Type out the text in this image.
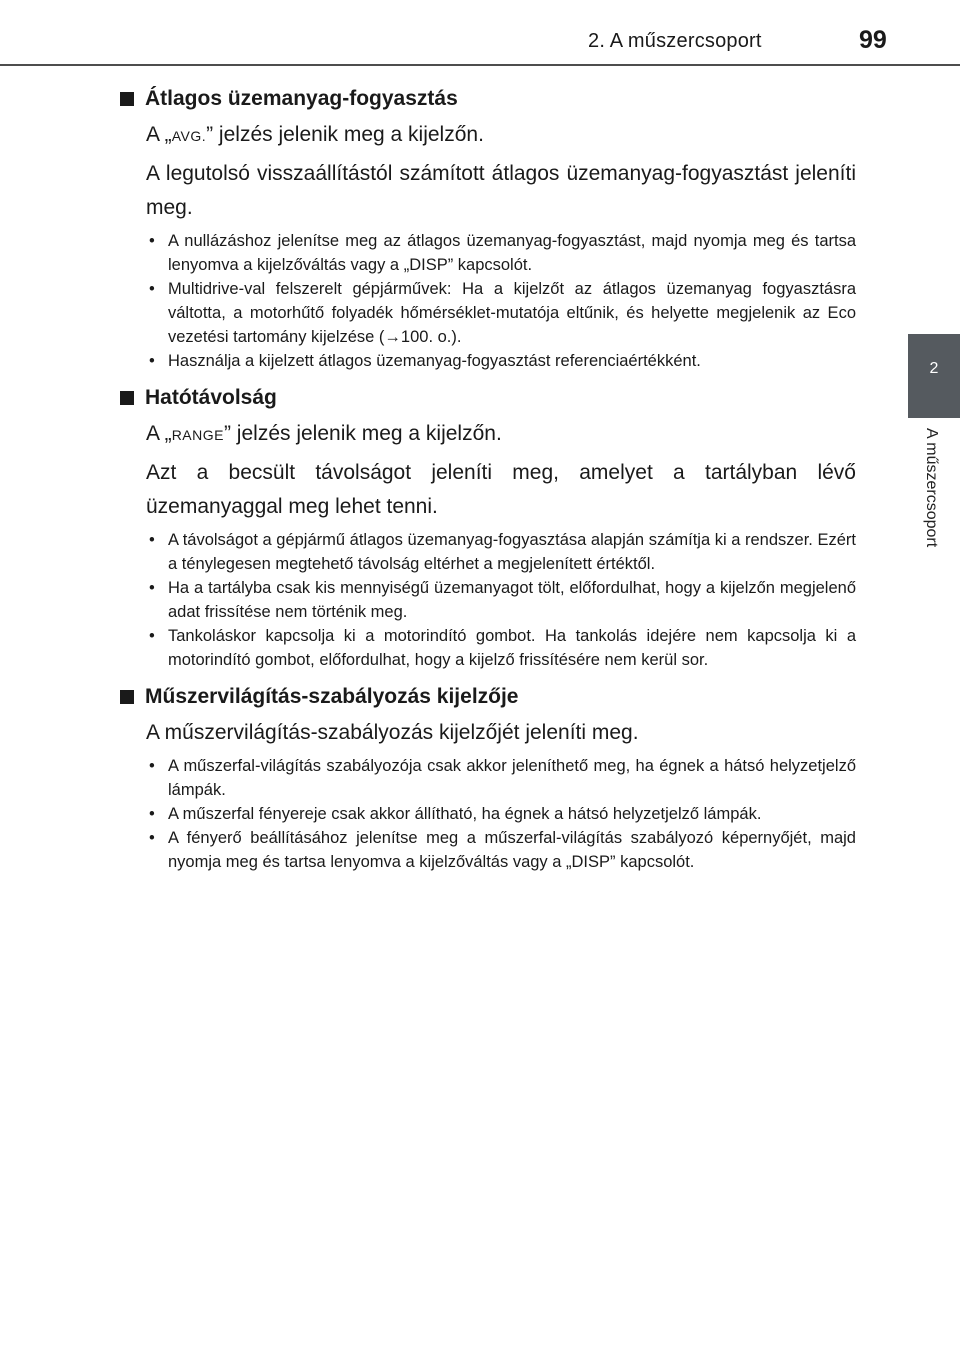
2. A műszercsoport	99
2
A műszercsoport
Átlagos üzemanyag-fogyasztás

A „AVG.” jelzés jelenik meg a kijelzőn.

A legutolsó visszaállítástól számított átlagos üzemanyag-fogyasztást jeleníti meg.

• A nullázáshoz jelenítse meg az átlagos üzemanyag-fogyasztást, majd nyomja meg és tartsa lenyomva a kijelzőváltás vagy a „DISP” kapcsolót.
• Multidrive-val felszerelt gépjárművek: Ha a kijelzőt az átlagos üzemanyag fogyasztásra váltotta, a motorhűtő folyadék hőmérséklet-mutatója eltűnik, és helyette megjelenik az Eco vezetési tartomány kijelzése (→100. o.).
• Használja a kijelzett átlagos üzemanyag-fogyasztást referenciaértékként.
Hatótávolság

A „RANGE” jelzés jelenik meg a kijelzőn.

Azt a becsült távolságot jeleníti meg, amelyet a tartályban lévő üzemanyaggal meg lehet tenni.

• A távolságot a gépjármű átlagos üzemanyag-fogyasztása alapján számítja ki a rendszer. Ezért a ténylegesen megtehető távolság eltérhet a megjelenített értéktől.
• Ha a tartályba csak kis mennyiségű üzemanyagot tölt, előfordulhat, hogy a kijelzőn megjelenő adat frissítése nem történik meg.
• Tankoláskor kapcsolja ki a motorindító gombot. Ha tankolás idejére nem kapcsolja ki a motorindító gombot, előfordulhat, hogy a kijelző frissítésére nem kerül sor.
Műszervilágítás-szabályozás kijelzője

A műszervilágítás-szabályozás kijelzőjét jeleníti meg.

• A műszerfal-világítás szabályozója csak akkor jeleníthető meg, ha égnek a hátsó helyzetjelző lámpák.
• A műszerfal fényereje csak akkor állítható, ha égnek a hátsó helyzetjelző lámpák.
• A fényerő beállításához jelenítse meg a műszerfal-világítás szabályozó képernyőjét, majd nyomja meg és tartsa lenyomva a kijelzőváltás vagy a „DISP” kapcsolót.
